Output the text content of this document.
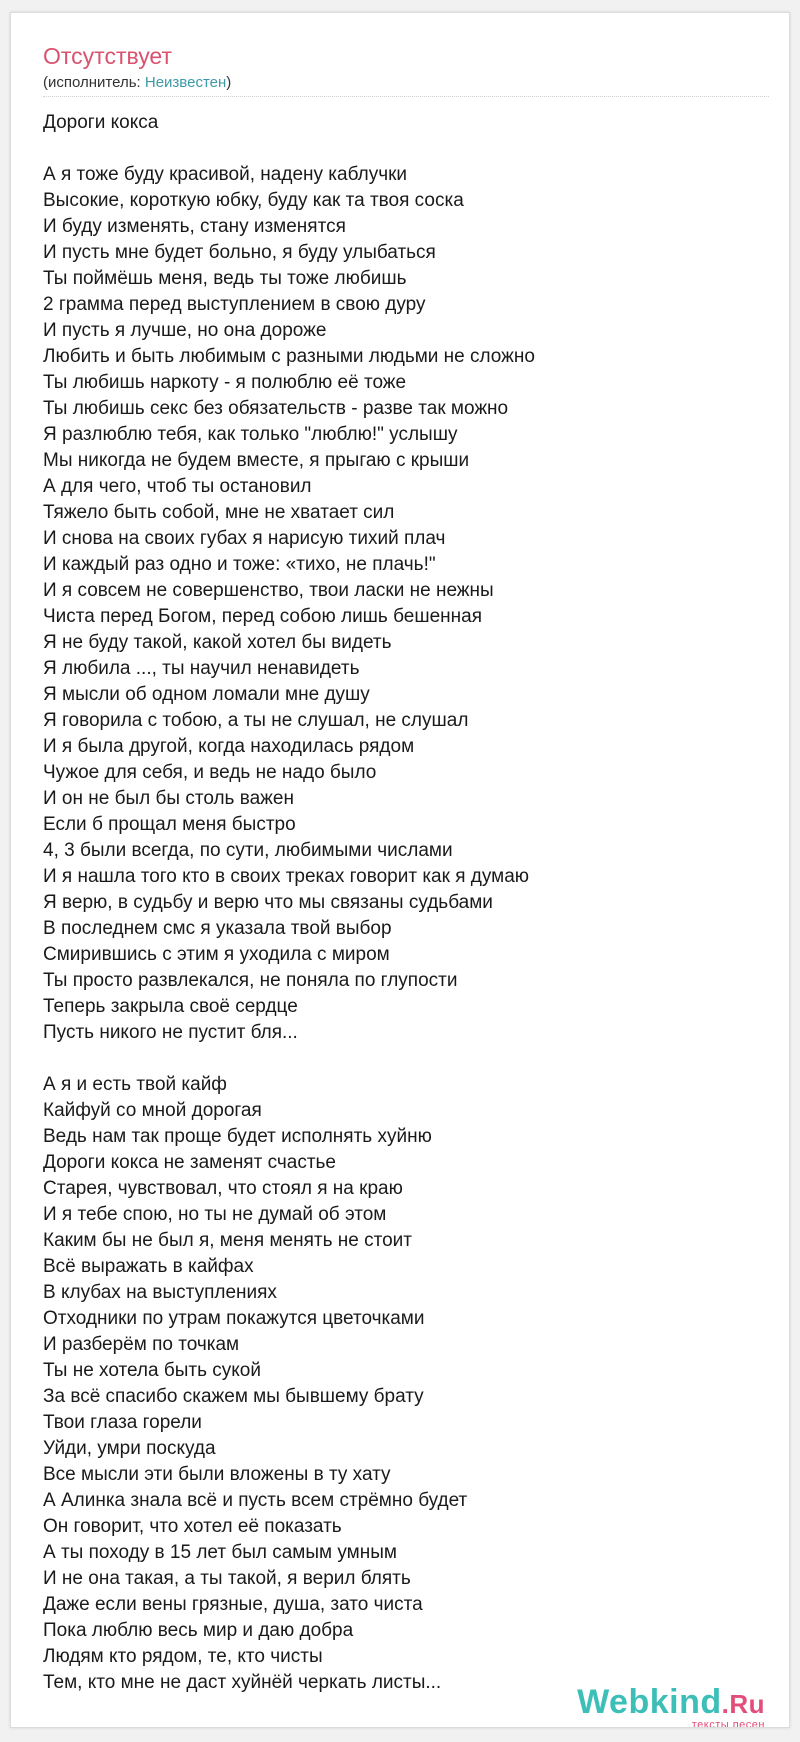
Отсутствует
(исполнитель: Неизвестен)
Дороги кокса
А я тоже буду красивой, надену каблучки
Высокие, короткую юбку, буду как та твоя соска
И буду изменять, стану изменятся
И пусть мне будет больно, я буду улыбаться
Ты поймёшь меня, ведь ты тоже любишь
2 грамма перед выступлением в свою дуру
И пусть я лучше, но она дороже
Любить и быть любимым с разными людьми не сложно
Ты любишь наркоту - я полюблю её тоже
Ты любишь секс без обязательств - разве так можно
Я разлюблю тебя, как только "люблю!" услышу
Мы никогда не будем вместе, я прыгаю с крыши
А для чего, чтоб ты остановил
Тяжело быть собой, мне не хватает сил
И снова на своих губах я нарисую тихий плач
И каждый раз одно и тоже: «тихо, не плачь!"
И я совсем не совершенство, твои ласки не нежны
Чиста перед Богом, перед собою лишь бешенная
Я не буду такой, какой хотел бы видеть
Я любила ..., ты научил ненавидеть
Я мысли об одном ломали мне душу
Я говорила с тобою, а ты не слушал, не слушал
И я была другой, когда находилась рядом
Чужое для себя, и ведь не надо было
И он не был бы столь важен
Если б прощал меня быстро
4, 3 были всегда, по сути, любимыми числами
И я нашла того кто в своих треках говорит как я думаю
Я верю, в судьбу и верю что мы связаны судьбами
В последнем смс я указала твой выбор
Смирившись с этим я уходила с миром
Ты просто развлекался, не поняла по глупости
Теперь закрыла своё сердце
Пусть никого не пустит бля...
А я и есть твой кайф
Кайфуй со мной дорогая
Ведь нам так проще будет исполнять хуйню
Дороги кокса не заменят счастье
Старея, чувствовал, что стоял я на краю
И я тебе спою, но ты не думай об этом
Каким бы не был я, меня менять не стоит
Всё выражать в кайфах
В клубах на выступлениях
Отходники по утрам покажутся цветочками
И разберём по точкам
Ты не хотела быть сукой
За всё спасибо скажем мы бывшему брату
Твои глаза горели
Уйди, умри поскуда
Все мысли эти были вложены в ту хату
А Алинка знала всё и пусть всем стрёмно будет
Он говорит, что хотел её показать
А ты походу в 15 лет был самым умным
И не она такая, а ты такой, я верил блять
Даже если вены грязные, душа, зато чиста
Пока люблю весь мир и даю добра
Людям кто рядом, те, кто чисты
Тем, кто мне не даст хуйнёй черкать листы...
Webkind.Ru
тексты песен
